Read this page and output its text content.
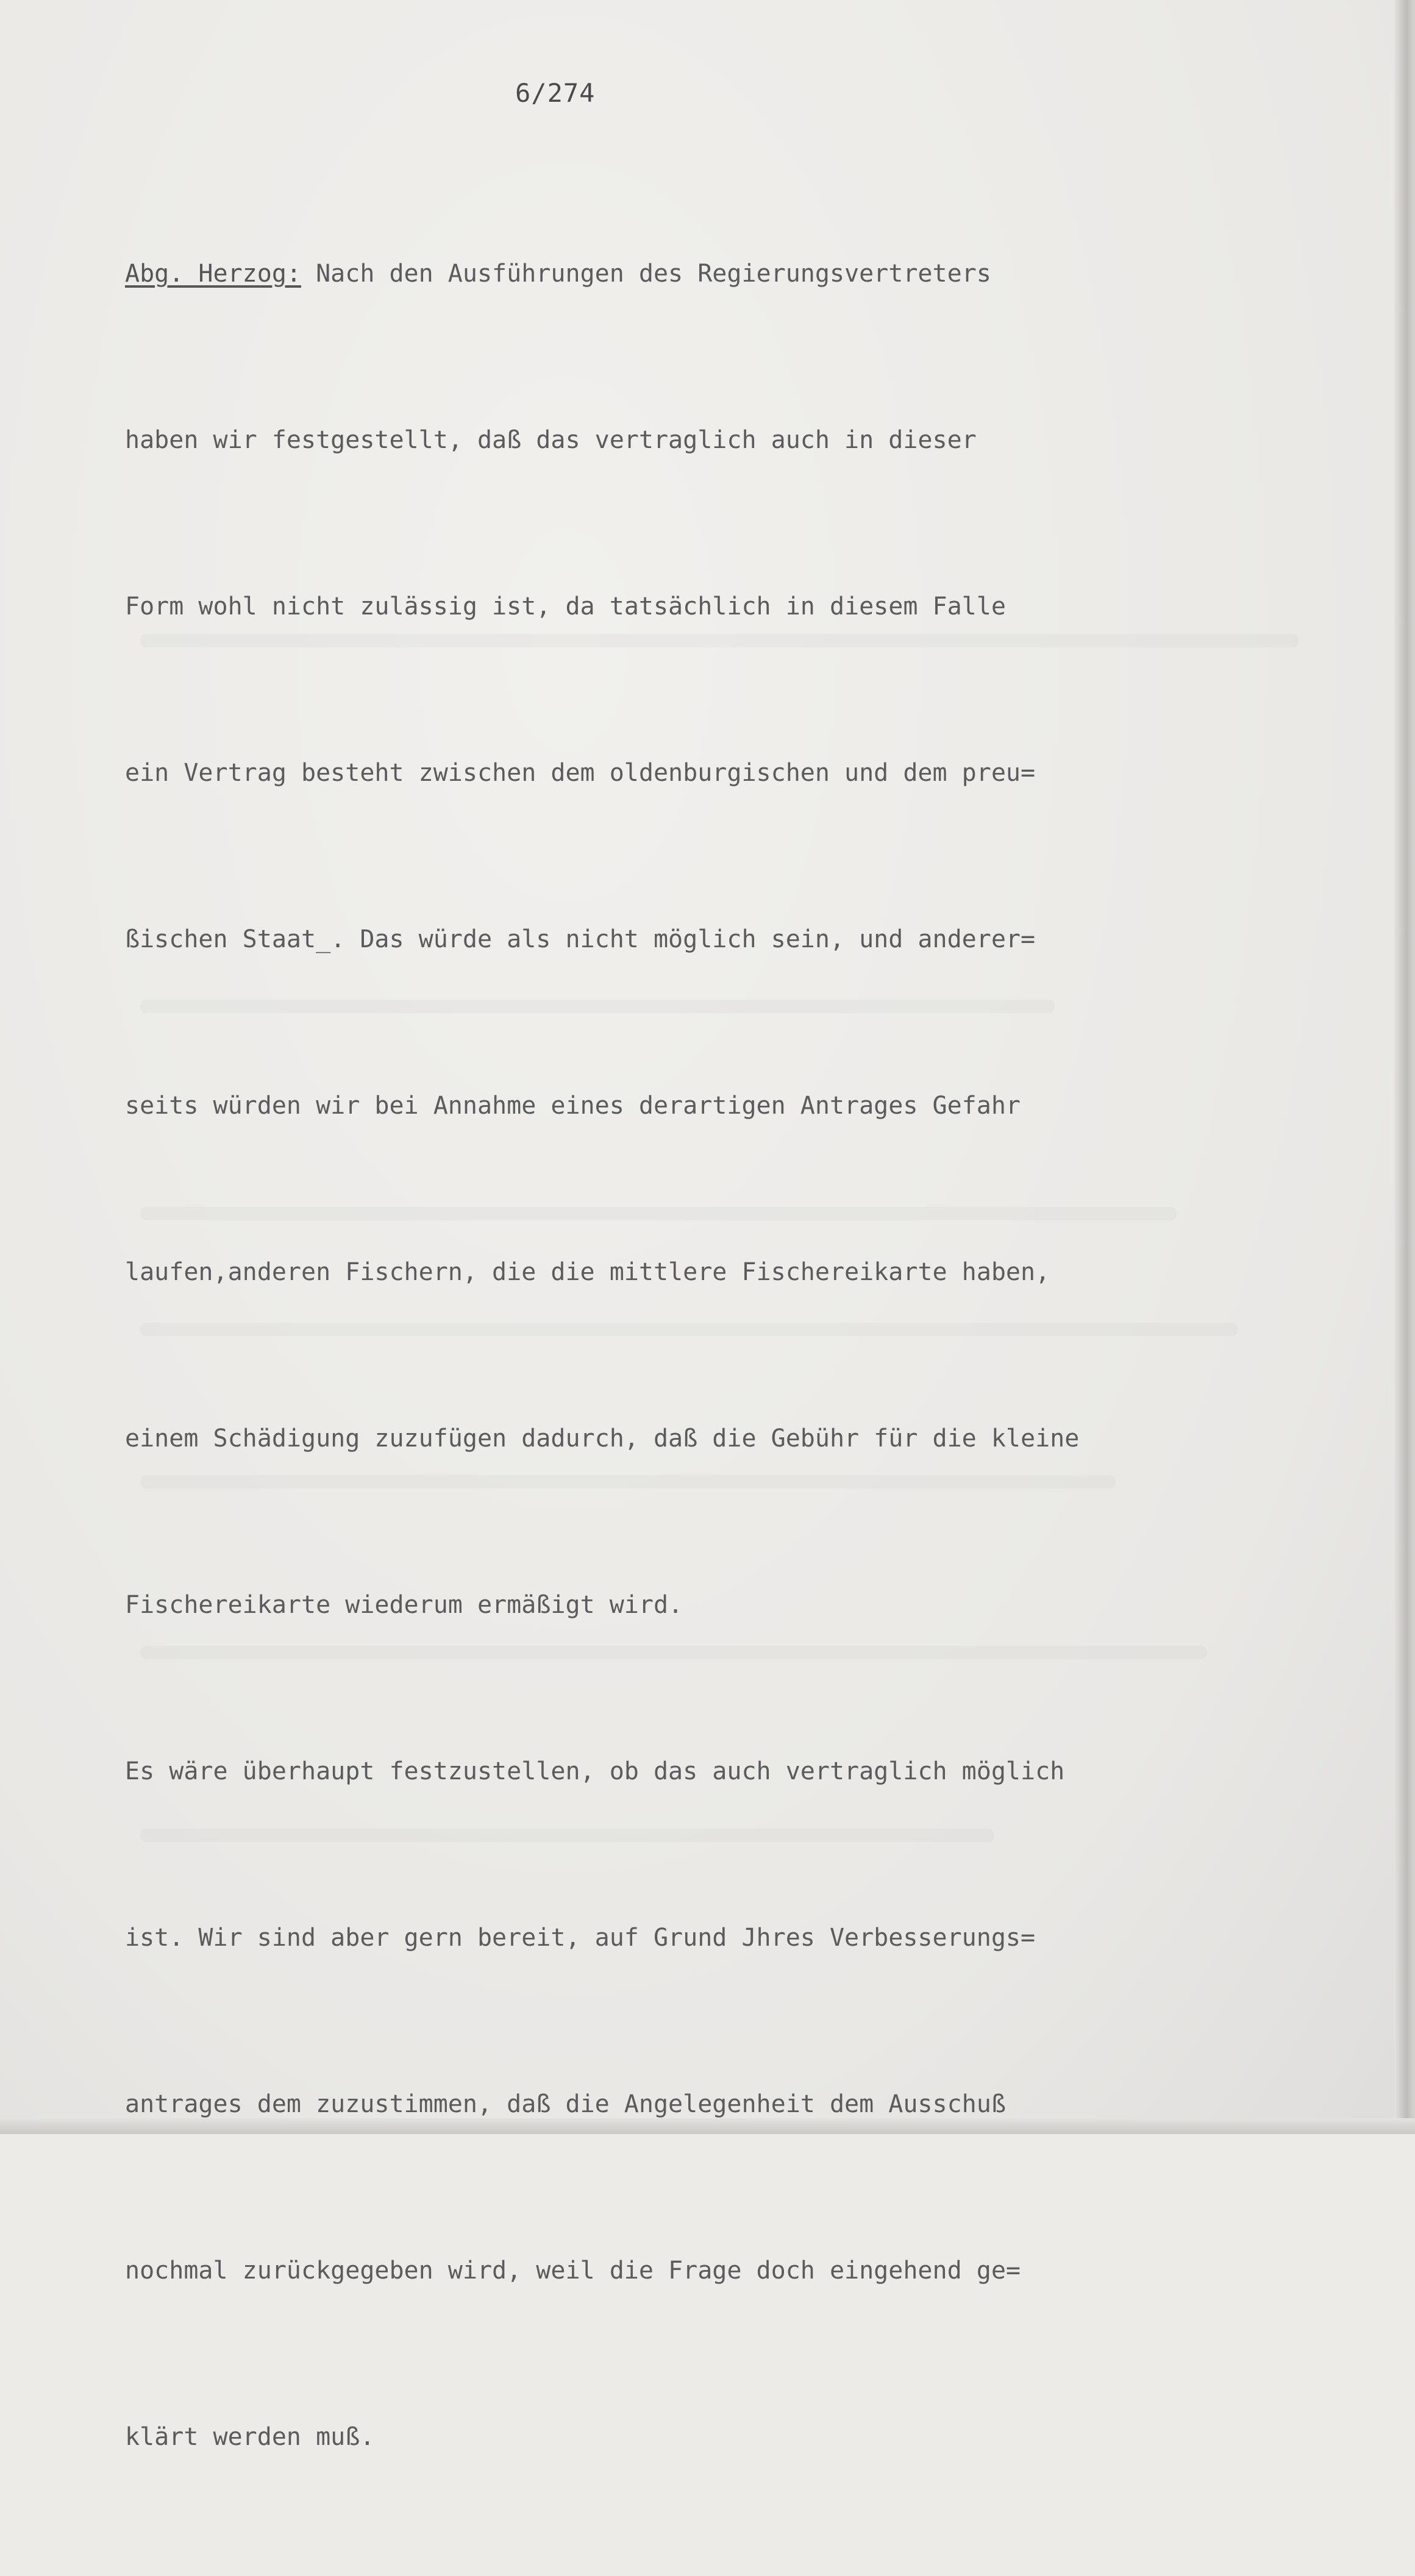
6/274

Abg. Herzog: Nach den Ausführungen des Regierungsvertreters

haben wir festgestellt, daß das vertraglich auch in dieser

Form wohl nicht zulässig ist, da tatsächlich in diesem Falle

ein Vertrag besteht zwischen dem oldenburgischen und dem preu=

ßischen Staat_. Das würde als nicht möglich sein, und anderer=

seits würden wir bei Annahme eines derartigen Antrages Gefahr

laufen,anderen Fischern, die die mittlere Fischereikarte haben,

einem Schädigung zuzufügen dadurch, daß die Gebühr für die kleine

Fischereikarte wiederum ermäßigt wird.

Es wäre überhaupt festzustellen, ob das auch vertraglich möglich

ist. Wir sind aber gern bereit, auf Grund Jhres Verbesserungs=

antrages dem zuzustimmen, daß die Angelegenheit dem Ausschuß

nochmal zurückgegeben wird, weil die Frage doch eingehend ge=

klärt werden muß.
